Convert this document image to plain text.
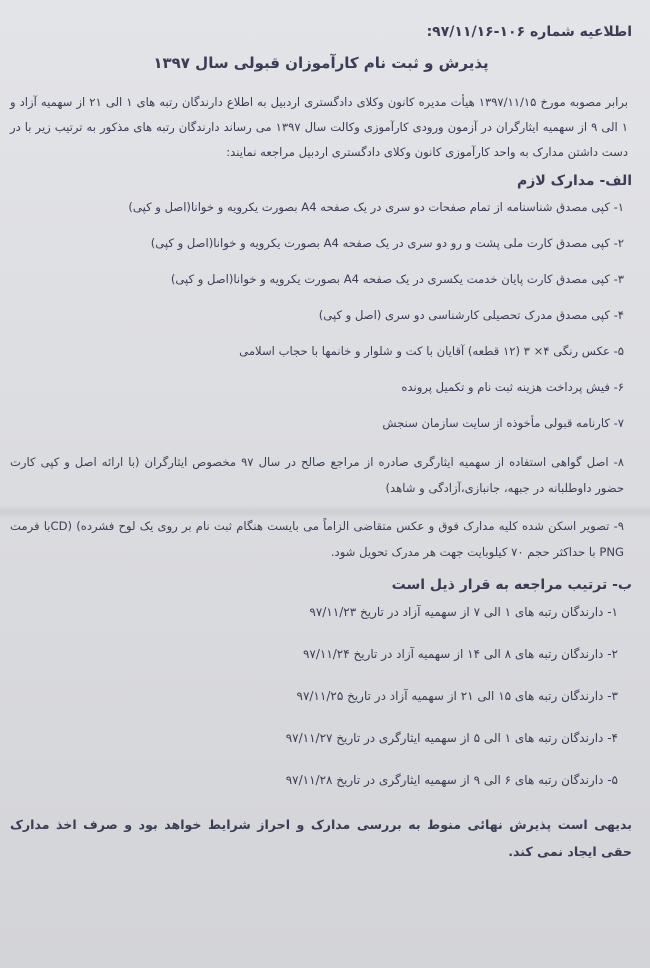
اطلاعیه شماره ۱۰۶-۹۷/۱۱/۱۶:
پذیرش و ثبت نام کارآموزان قبولی سال ۱۳۹۷

برابر مصوبه مورخ ۱۳۹۷/۱۱/۱۵ هیأت مدیره کانون وکلای دادگستری اردبیل به اطلاع دارندگان رتبه های ۱ الی ۲۱ از سهمیه آزاد و ۱ الی ۹ از سهمیه ایثارگران در آزمون ورودی کارآموزی وکالت سال ۱۳۹۷ می رساند دارندگان رتبه های مذکور به ترتیب زیر با در دست داشتن مدارک به واحد کارآموزی کانون وکلای دادگستری اردبیل مراجعه نمایند:

الف- مدارک لازم
۱- کپی مصدق شناسنامه از تمام صفحات دو سری در یک صفحه A4 بصورت یکرویه و خوانا(اصل و کپی)
۲- کپی مصدق کارت ملی پشت و رو دو سری در یک صفحه A4 بصورت یکرویه و خوانا(اصل و کپی)
۳- کپی مصدق کارت پایان خدمت یکسری در یک صفحه A4 بصورت یکرویه و خوانا(اصل و کپی)
۴- کپی مصدق مدرک تحصیلی کارشناسی دو سری (اصل و کپی)
۵- عکس رنگی ۴× ۳ (۱۲ قطعه) آقایان با کت و شلوار و خانمها با حجاب اسلامی
۶- فیش پرداخت هزینه ثبت نام و تکمیل پرونده
۷- کارنامه قبولی مأخوذه از سایت سازمان سنجش
۸- اصل گواهی استفاده از سهمیه ایثارگری صادره از مراجع صالح در سال ۹۷ مخصوص ایثارگران (با ارائه اصل و کپی کارت حضور داوطلبانه در جبهه، جانبازی،آزادگی و شاهد)
۹- تصویر اسکن شده کلیه مدارک فوق و عکس متقاضی الزاماً می بایست هنگام ثبت نام بر روی یک لوح فشرده) (CDبا فرمت PNG با حداکثر حجم ۷۰ کیلوبایت جهت هر مدرک تحویل شود.
ب- ترتیب مراجعه به قرار ذیل است
۱- دارندگان رتبه های ۱ الی ۷ از سهمیه آزاد در تاریخ ۹۷/۱۱/۲۳
۲- دارندگان رتبه های ۸ الی ۱۴ از سهمیه آزاد در تاریخ ۹۷/۱۱/۲۴
۳- دارندگان رتبه های ۱۵ الی ۲۱ از سهمیه آزاد در تاریخ ۹۷/۱۱/۲۵
۴- دارندگان رتبه های ۱ الی ۵ از سهمیه ایثارگری در تاریخ ۹۷/۱۱/۲۷
۵- دارندگان رتبه های ۶ الی ۹ از سهمیه ایثارگری در تاریخ ۹۷/۱۱/۲۸
بدیهی است پذیرش نهائی منوط به بررسی مدارک و احراز شرایط خواهد بود و صرف اخذ مدارک حقی ایجاد نمی کند.
